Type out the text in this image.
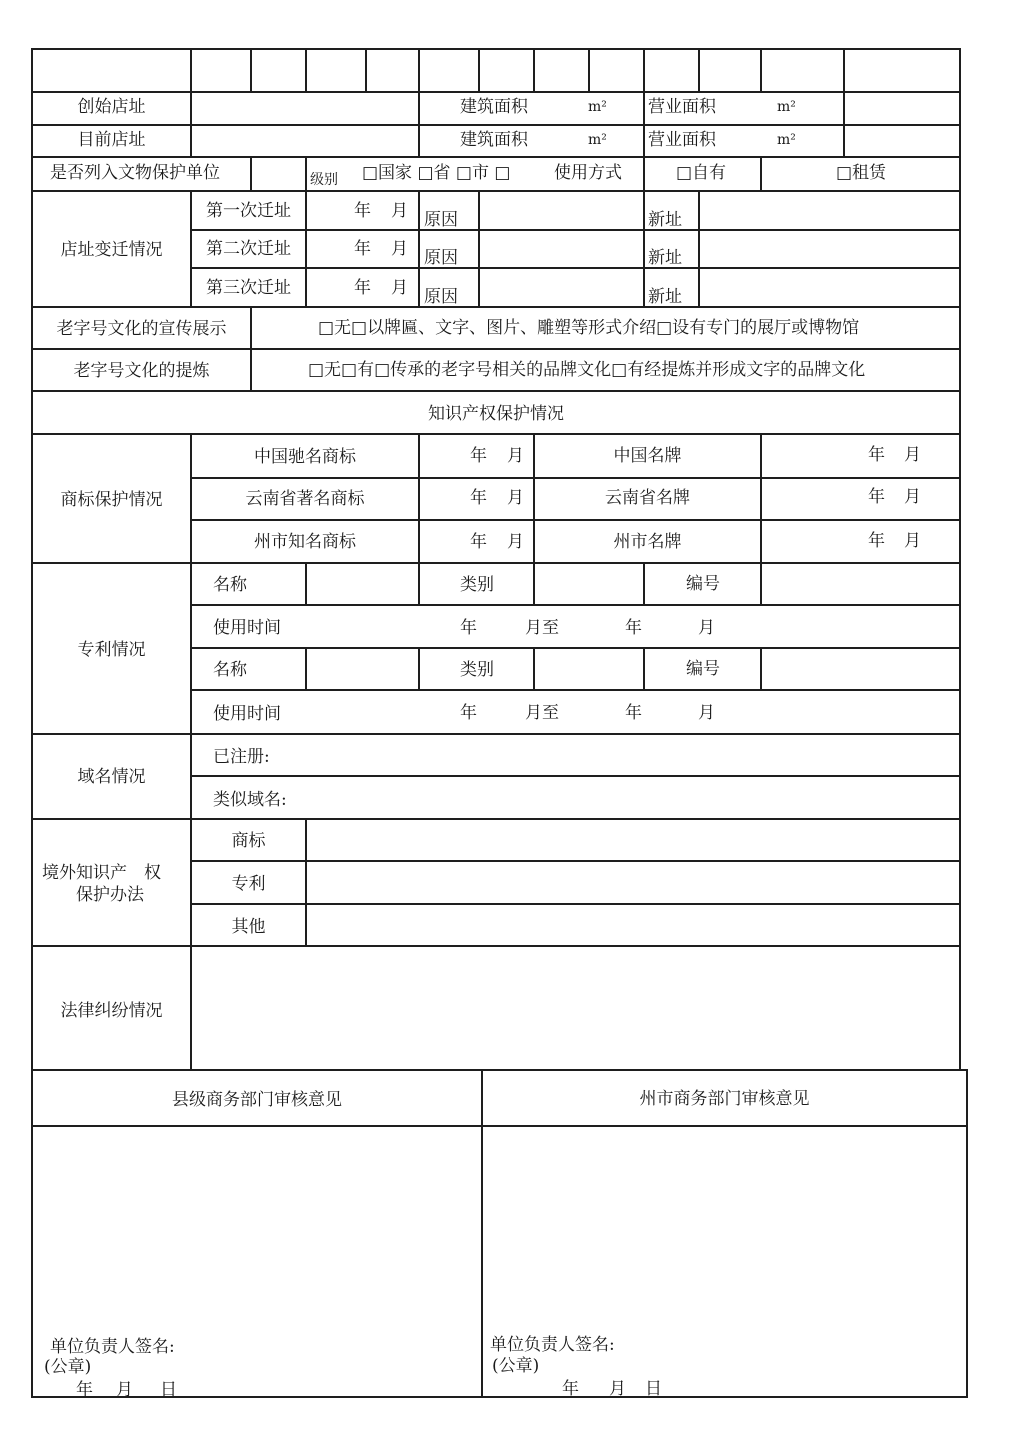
创始店址	建筑面积	m² 营业面积	m²
目前店址	建筑面积	m² 营业面积	m²
是否列入文物保护单位	级别 □国家 □省 □市 □	使用方式	□自有	□租赁
店址变迁情况
第一次迁址	年 月 原因	新址
第二次迁址	年 月 原因	新址
第三次迁址	年 月 原因	新址
老字号文化的宣传展示	□无□以牌匾、文字、图片、雕塑等形式介绍□设有专门的展厅或博物馆
老字号文化的提炼	□无□有□传承的老字号相关的品牌文化□有经提炼并形成文字的品牌文化
知识产权保护情况
商标保护情况
中国驰名商标	年 月	中国名牌	年 月
云南省著名商标	年 月	云南省名牌	年 月
州市知名商标	年 月	州市名牌	年 月
专利情况
名称	类别	编号
使用时间	年	月至	年	月
名称	类别	编号
使用时间	年	月至	年	月
域名情况
已注册:
类似域名:
境外知识产　权
保护办法
商标
专利
其他
法律纠纷情况
县级商务部门审核意见	州市商务部门审核意见
单位负责人签名:
(公章)
年 月 日
单位负责人签名:
(公章)
年 月 日
